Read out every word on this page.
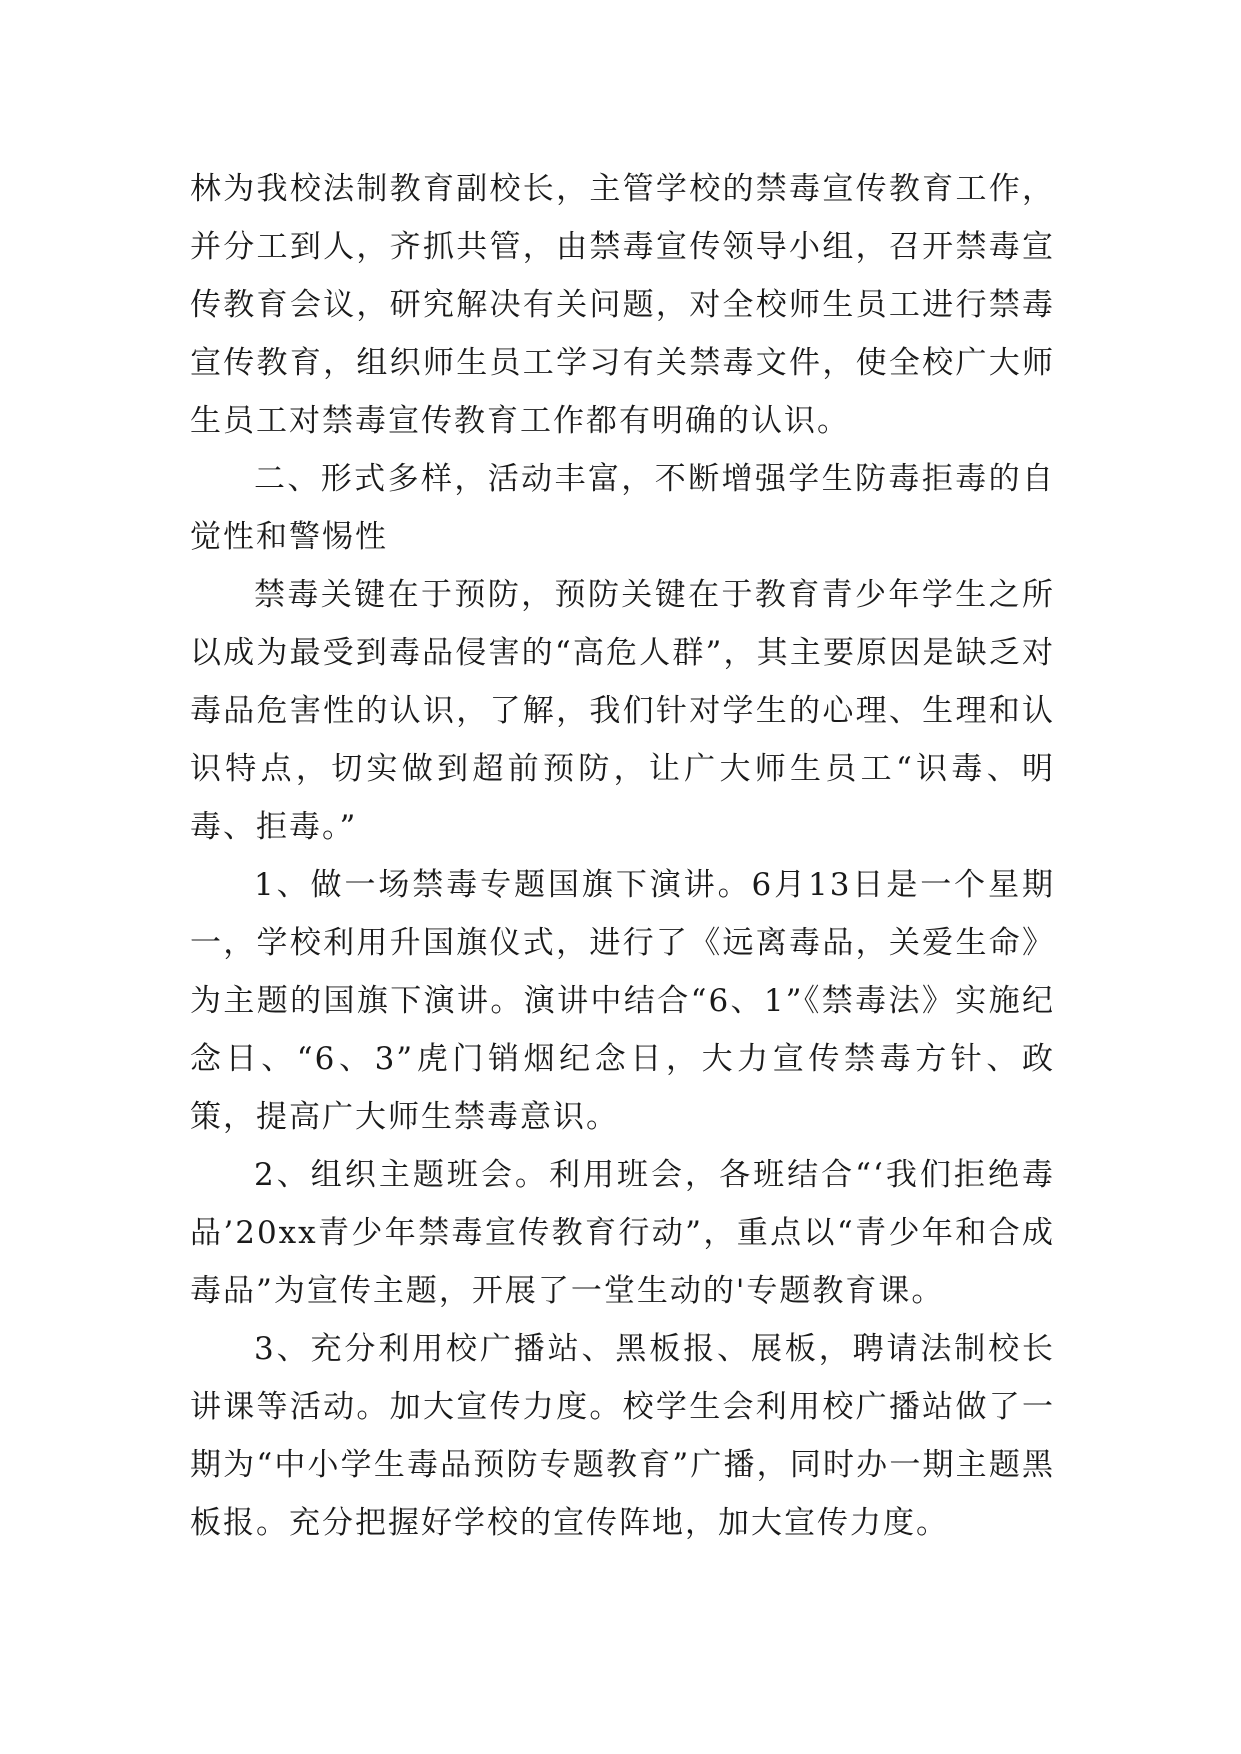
林为我校法制教育副校长，主管学校的禁毒宣传教育工作，并分工到人，齐抓共管，由禁毒宣传领导小组，召开禁毒宣传教育会议，研究解决有关问题，对全校师生员工进行禁毒宣传教育，组织师生员工学习有关禁毒文件，使全校广大师生员工对禁毒宣传教育工作都有明确的认识。

二、形式多样，活动丰富，不断增强学生防毒拒毒的自觉性和警惕性

禁毒关键在于预防，预防关键在于教育青少年学生之所以成为最受到毒品侵害的“高危人群”，其主要原因是缺乏对毒品危害性的认识，了解，我们针对学生的心理、生理和认识特点，切实做到超前预防，让广大师生员工“识毒、明毒、拒毒。”

1、做一场禁毒专题国旗下演讲。6月13日是一个星期一，学校利用升国旗仪式，进行了《远离毒品，关爱生命》为主题的国旗下演讲。演讲中结合“6、1”《禁毒法》实施纪念日、“6、3”虎门销烟纪念日，大力宣传禁毒方针、政策，提高广大师生禁毒意识。

2、组织主题班会。利用班会，各班结合“‘我们拒绝毒品’20xx青少年禁毒宣传教育行动”，重点以“青少年和合成毒品”为宣传主题，开展了一堂生动的'专题教育课。

3、充分利用校广播站、黑板报、展板，聘请法制校长讲课等活动。加大宣传力度。校学生会利用校广播站做了一期为“中小学生毒品预防专题教育”广播，同时办一期主题黑板报。充分把握好学校的宣传阵地，加大宣传力度。
